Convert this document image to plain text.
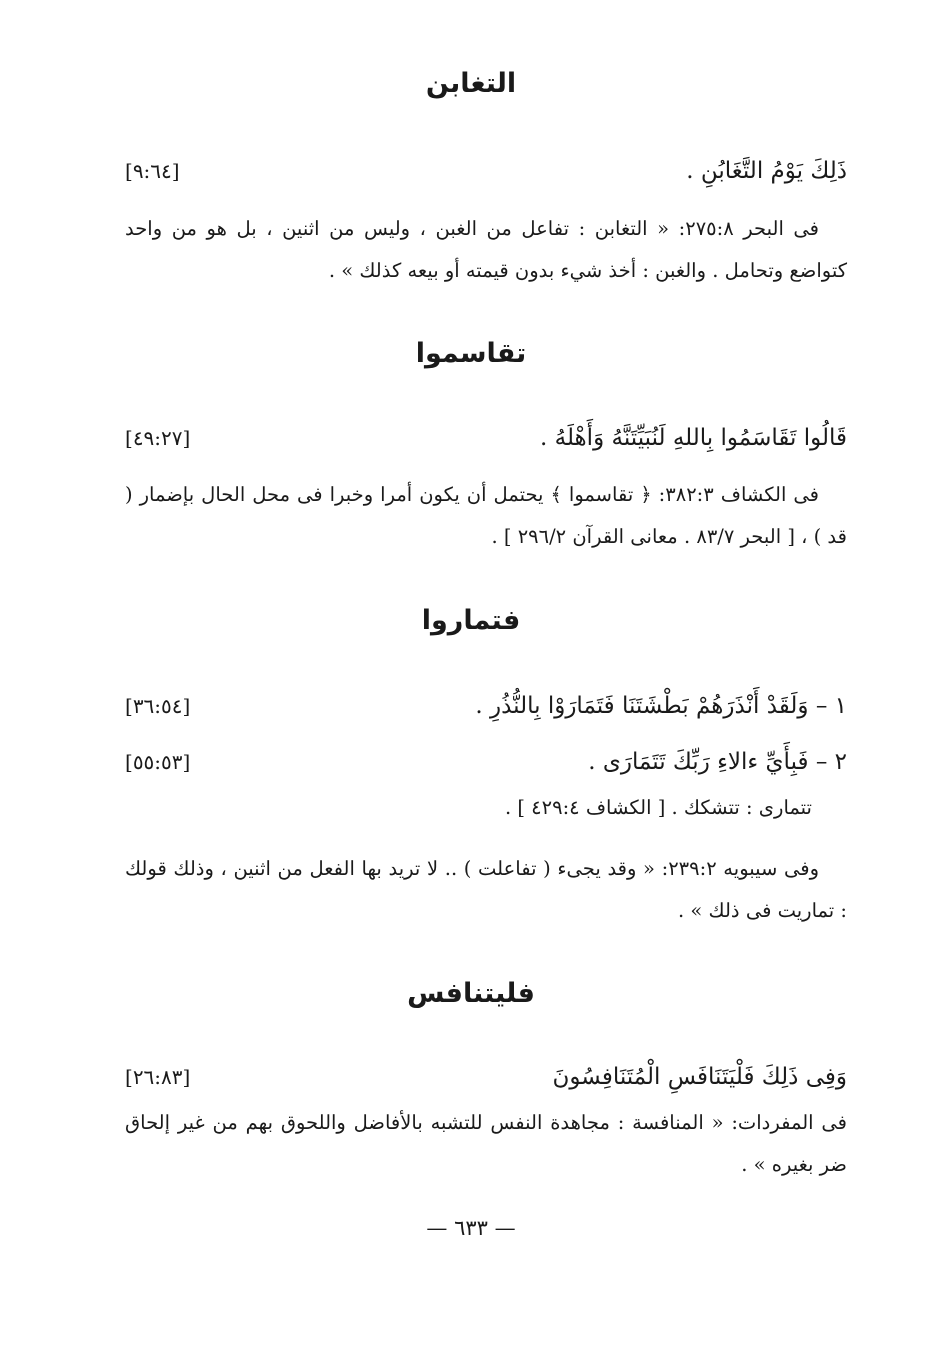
التغابن
ذَلِكَ يَوْمُ التَّغَابُنِ .
[٩:٦٤]

فى البحر ٢٧٥:٨: « التغابن : تفاعل من الغبن ، وليس من اثنين ، بل هو من واحد كتواضع وتحامل . والغبن : أخذ شيء بدون قيمته أو بيعه كذلك » .

تقاسموا
قَالُوا تَقَاسَمُوا بِاللهِ لَنُبَيِّتَنَّهُ وَأَهْلَهُ .
[٤٩:٢٧]

فى الكشاف ٣٨٢:٣: ﴿ تقاسموا ﴾ يحتمل أن يكون أمرا وخبرا فى محل الحال بإضمار ( قد ) ، [ البحر ٨٣/٧ . معانى القرآن ٢٩٦/٢ ] .

فتماروا
١ – وَلَقَدْ أَنْذَرَهُمْ بَطْشَتَنَا فَتَمَارَوْا بِالنُّذُرِ .
[٣٦:٥٤]
٢ – فَبِأَيِّ ءالاءِ رَبِّكَ تَتَمَارَى .
[٥٥:٥٣]

تتمارى : تتشكك . [ الكشاف ٤٢٩:٤ ] .

وفى سيبويه ٢٣٩:٢: « وقد يجىء ( تفاعلت ) .. لا تريد بها الفعل من اثنين ، وذلك قولك : تماريت فى ذلك » .

فليتنافس
وَفِى ذَلِكَ فَلْيَتَنَافَسِ الْمُتَنَافِسُونَ
[٢٦:٨٣]

فى المفردات: « المنافسة : مجاهدة النفس للتشبه بالأفاضل واللحوق بهم من غير إلحاق ضر بغيره » .

— ٦٣٣ —
